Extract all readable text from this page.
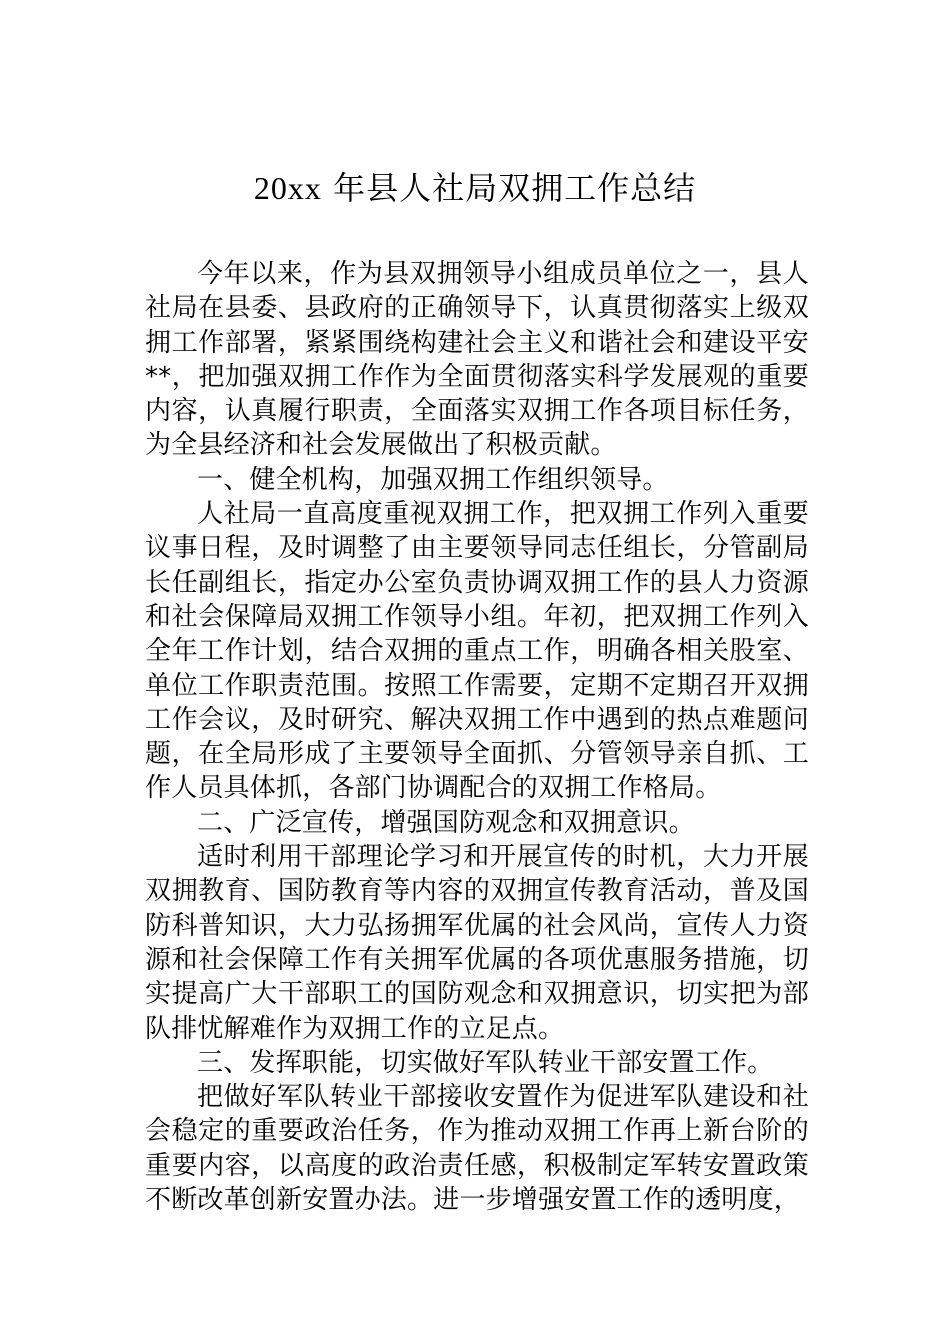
20xx 年县人社局双拥工作总结

今年以来，作为县双拥领导小组成员单位之一，县人社局在县委、县政府的正确领导下，认真贯彻落实上级双拥工作部署，紧紧围绕构建社会主义和谐社会和建设平安**，把加强双拥工作作为全面贯彻落实科学发展观的重要内容，认真履行职责，全面落实双拥工作各项目标任务，为全县经济和社会发展做出了积极贡献。

一、健全机构，加强双拥工作组织领导。

人社局一直高度重视双拥工作，把双拥工作列入重要议事日程，及时调整了由主要领导同志任组长，分管副局长任副组长，指定办公室负责协调双拥工作的县人力资源和社会保障局双拥工作领导小组。年初，把双拥工作列入全年工作计划，结合双拥的重点工作，明确各相关股室、单位工作职责范围。按照工作需要，定期不定期召开双拥工作会议，及时研究、解决双拥工作中遇到的热点难题问题，在全局形成了主要领导全面抓、分管领导亲自抓、工作人员具体抓，各部门协调配合的双拥工作格局。

二、广泛宣传，增强国防观念和双拥意识。

适时利用干部理论学习和开展宣传的时机，大力开展双拥教育、国防教育等内容的双拥宣传教育活动，普及国防科普知识，大力弘扬拥军优属的社会风尚，宣传人力资源和社会保障工作有关拥军优属的各项优惠服务措施，切实提高广大干部职工的国防观念和双拥意识，切实把为部队排忧解难作为双拥工作的立足点。

三、发挥职能，切实做好军队转业干部安置工作。

把做好军队转业干部接收安置作为促进军队建设和社会稳定的重要政治任务，作为推动双拥工作再上新台阶的重要内容，以高度的政治责任感，积极制定军转安置政策不断改革创新安置办法。进一步增强安置工作的透明度，
